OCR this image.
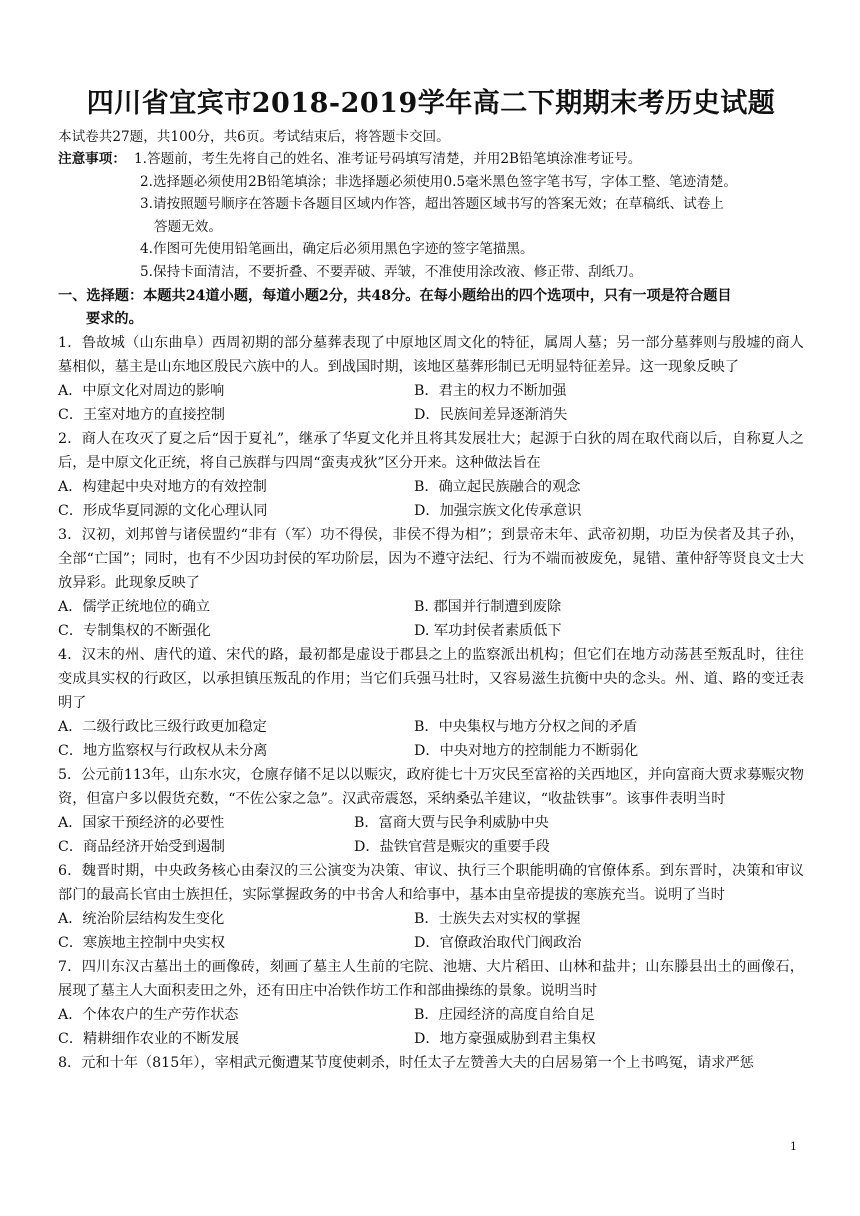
四川省宜宾市2018-2019学年高二下期期末考历史试题

本试卷共27题，共100分，共6页。考试结束后，将答题卡交回。

注意事项： 1.答题前，考生先将自己的姓名、准考证号码填写清楚，并用2B铅笔填涂准考证号。
2.选择题必须使用2B铅笔填涂；非选择题必须使用0.5毫米黑色签字笔书写，字体工整、笔迹清楚。
3.请按照题号顺序在答题卡各题目区域内作答，超出答题区域书写的答案无效；在草稿纸、试卷上
答题无效。
4.作图可先使用铅笔画出，确定后必须用黑色字迹的签字笔描黑。
5.保持卡面清洁，不要折叠、不要弄破、弄皱，不准使用涂改液、修正带、刮纸刀。
一、选择题：本题共24道小题，每道小题2分，共48分。在每小题给出的四个选项中，只有一项是符合题目
要求的。

1．鲁故城（山东曲阜）西周初期的部分墓葬表现了中原地区周文化的特征，属周人墓；另一部分墓葬则与殷墟的商人墓相似，墓主是山东地区殷民六族中的人。到战国时期，该地区墓葬形制已无明显特征差异。这一现象反映了

A．中原文化对周边的影响	B．君主的权力不断加强
C．王室对地方的直接控制	D．民族间差异逐渐消失

2．商人在攻灭了夏之后“因于夏礼”，继承了华夏文化并且将其发展壮大；起源于白狄的周在取代商以后，自称夏人之后，是中原文化正统，将自己族群与四周“蛮夷戎狄”区分开来。这种做法旨在

A．构建起中央对地方的有效控制	B．确立起民族融合的观念
C．形成华夏同源的文化心理认同	D．加强宗族文化传承意识

3．汉初，刘邦曾与诸侯盟约“非有（军）功不得侯，非侯不得为相”；到景帝末年、武帝初期，功臣为侯者及其子孙，全部“亡国”；同时，也有不少因功封侯的军功阶层，因为不遵守法纪、行为不端而被废免，晁错、董仲舒等贤良文士大放异彩。此现象反映了

A．儒学正统地位的确立	B. 郡国并行制遭到废除
C．专制集权的不断强化	D. 军功封侯者素质低下

4．汉末的州、唐代的道、宋代的路，最初都是虚设于郡县之上的监察派出机构；但它们在地方动荡甚至叛乱时，往往变成具实权的行政区，以承担镇压叛乱的作用；当它们兵强马壮时，又容易滋生抗衡中央的念头。州、道、路的变迁表明了

A．二级行政比三级行政更加稳定	B．中央集权与地方分权之间的矛盾
C．地方监察权与行政权从未分离	D．中央对地方的控制能力不断弱化

5．公元前113年，山东水灾，仓廪存储不足以以赈灾，政府徙七十万灾民至富裕的关西地区，并向富商大贾求募赈灾物资，但富户多以假货充数，“不佐公家之急”。汉武帝震怒，采纳桑弘羊建议，“收盐铁事”。该事件表明当时

A．国家干预经济的必要性	B．富商大贾与民争利威胁中央
C．商品经济开始受到遏制	D．盐铁官营是赈灾的重要手段

6．魏晋时期，中央政务核心由秦汉的三公演变为决策、审议、执行三个职能明确的官僚体系。到东晋时，决策和审议部门的最高长官由士族担任，实际掌握政务的中书舍人和给事中，基本由皇帝提拔的寒族充当。说明了当时

A．统治阶层结构发生变化	B．士族失去对实权的掌握
C．寒族地主控制中央实权	D．官僚政治取代门阀政治

7．四川东汉古墓出土的画像砖，刻画了墓主人生前的宅院、池塘、大片稻田、山林和盐井；山东滕县出土的画像石，展现了墓主人大面积麦田之外，还有田庄中冶铁作坊工作和部曲操练的景象。说明当时

A．个体农户的生产劳作状态	B．庄园经济的高度自给自足
C．精耕细作农业的不断发展	D．地方豪强威胁到君主集权

8．元和十年（815年），宰相武元衡遭某节度使刺杀，时任太子左赞善大夫的白居易第一个上书鸣冤，请求严惩

1
